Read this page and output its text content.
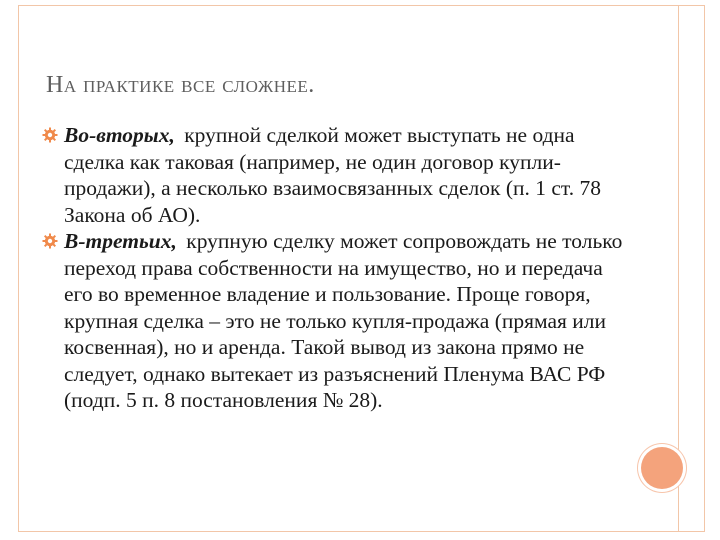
На практике все сложнее.

Во-вторых, крупной сделкой может выступать не одна сделка как таковая (например, не один договор купли-продажи), а несколько взаимосвязанных сделок (п. 1 ст. 78 Закона об АО).

В-третьих, крупную сделку может сопровождать не только переход права собственности на имущество, но и передача его во временное владение и пользование. Проще говоря, крупная сделка – это не только купля-продажа (прямая или косвенная), но и аренда. Такой вывод из закона прямо не следует, однако вытекает из разъяснений Пленума ВАС РФ (подп. 5 п. 8 постановления № 28).
